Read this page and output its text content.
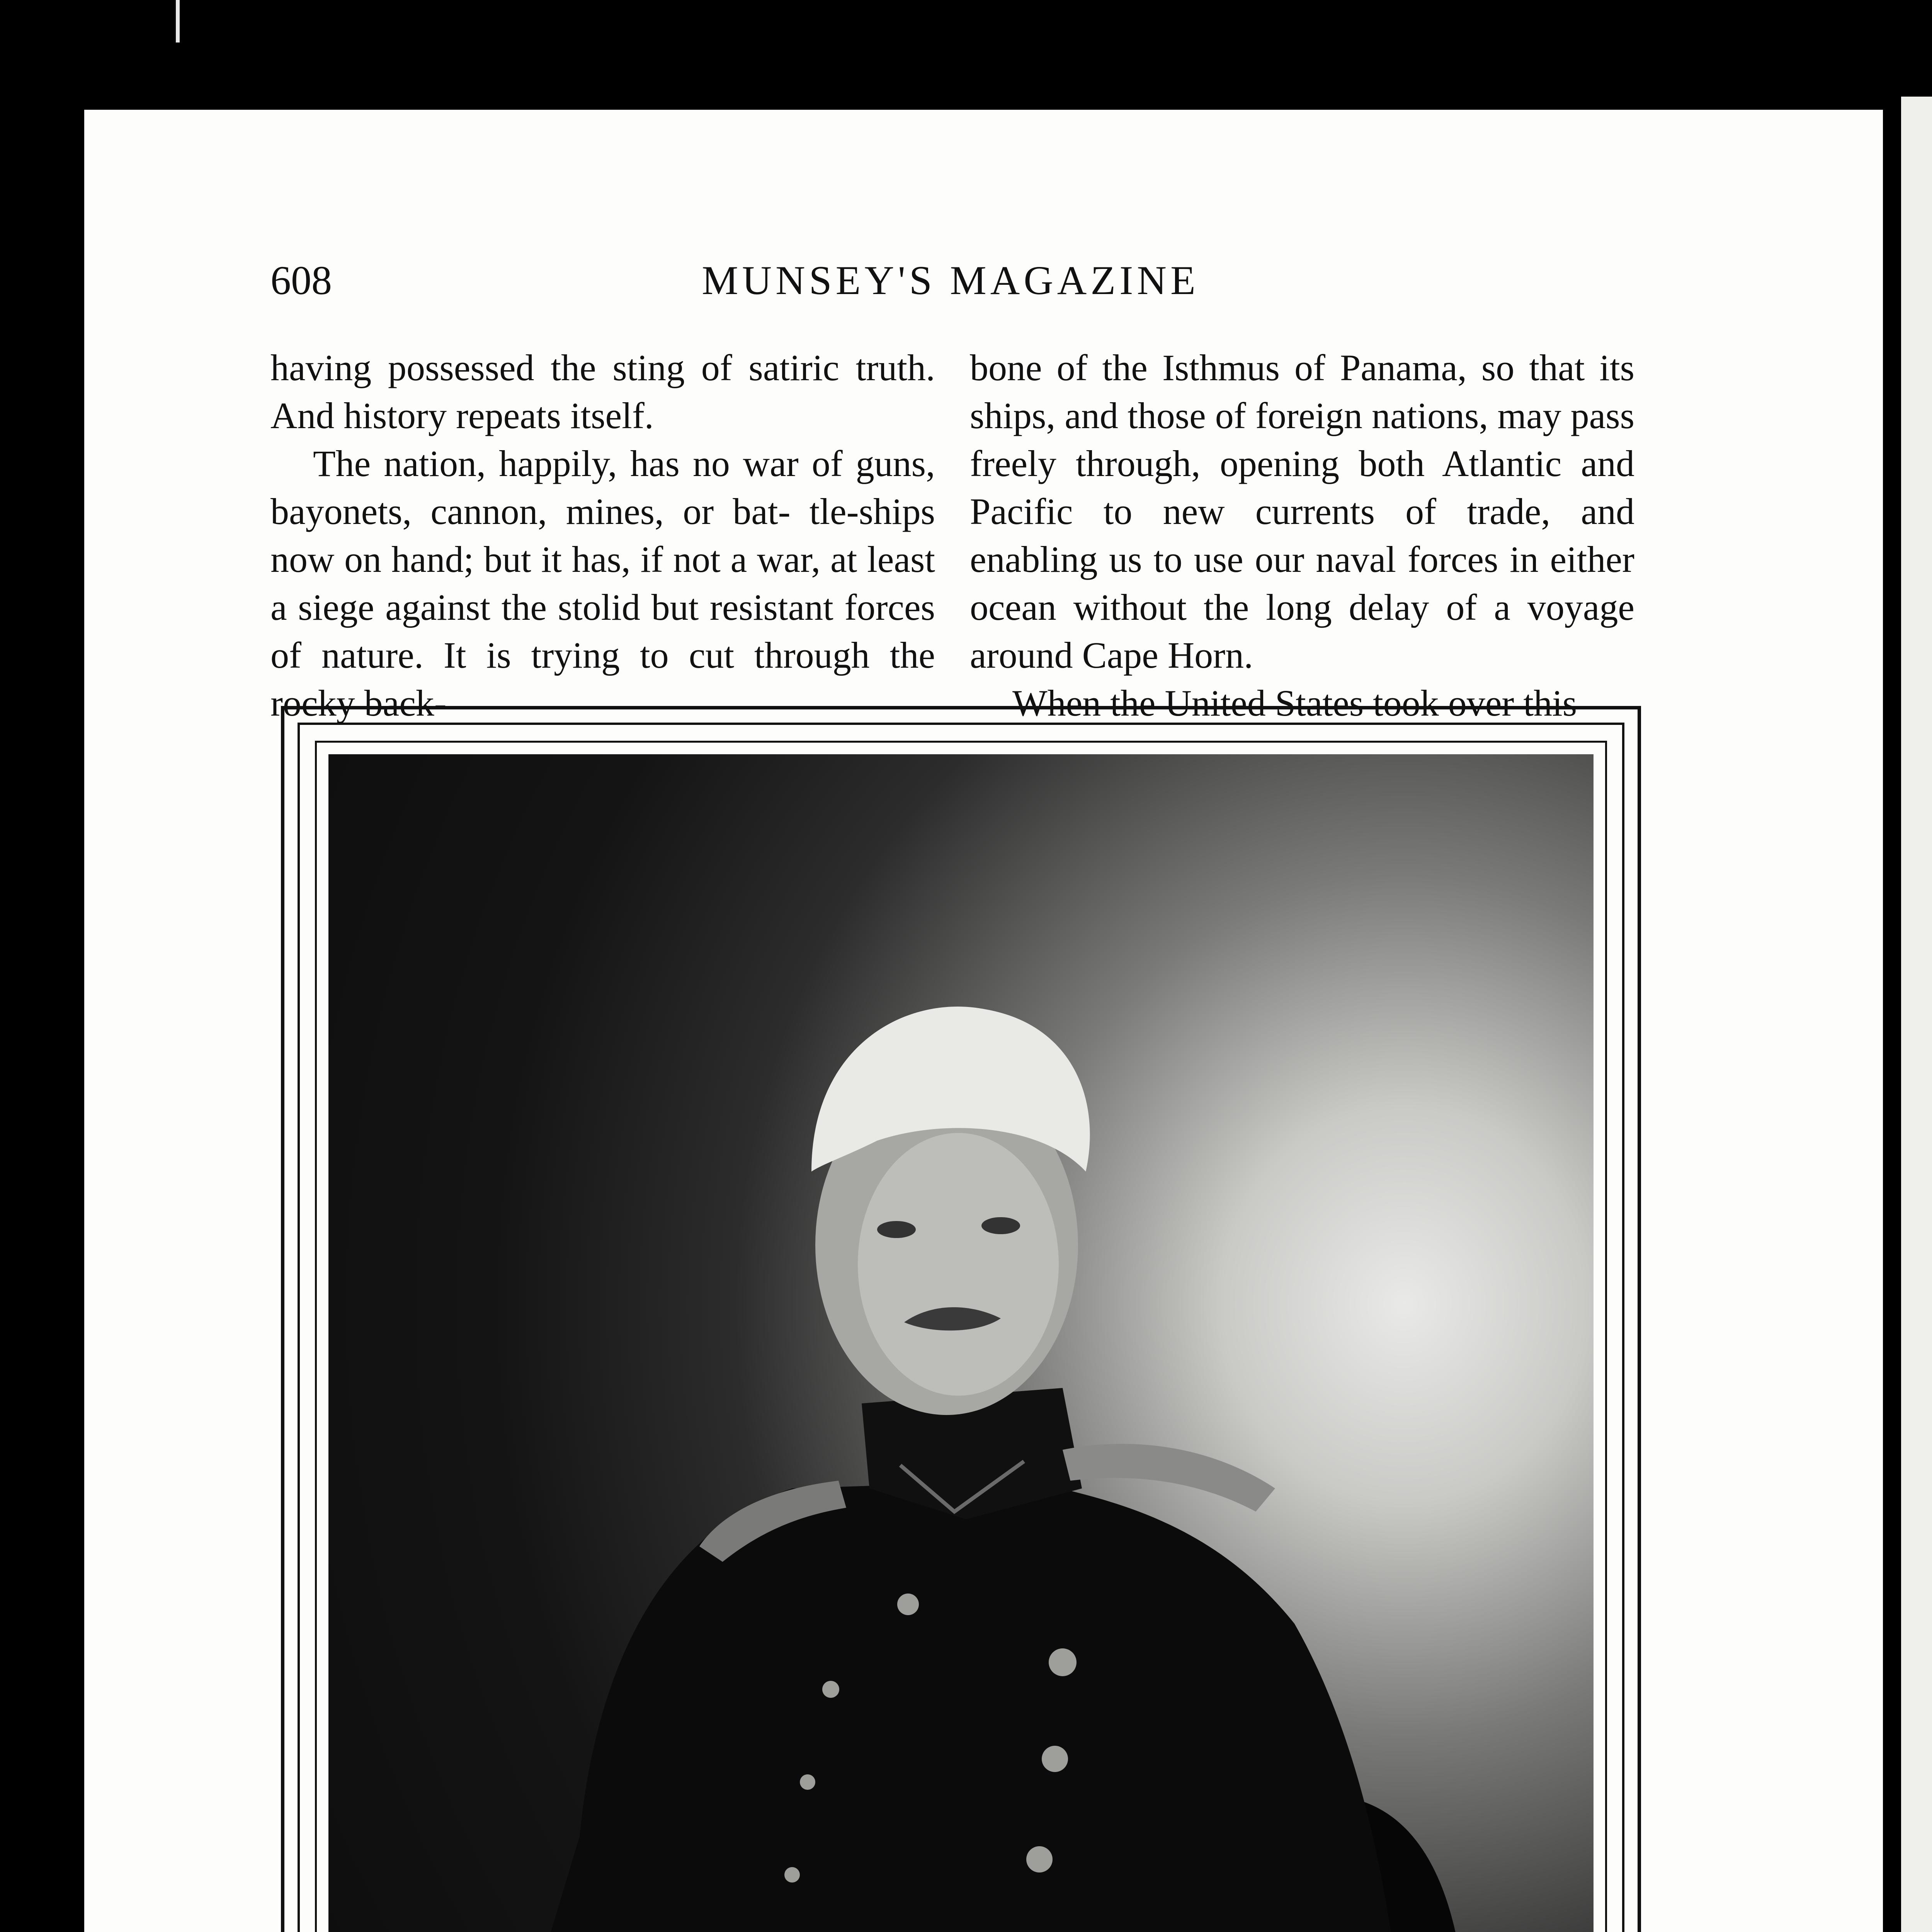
608	MUNSEY'S MAGAZINE

having possessed the sting of satiric truth. And history repeats itself.

The nation, happily, has no war of guns, bayonets, cannon, mines, or bat- tle-ships now on hand; but it has, if not a war, at least a siege against the stolid but resistant forces of nature. It is trying to cut through the rocky back-

bone of the Isthmus of Panama, so that its ships, and those of foreign nations, may pass freely through, opening both Atlantic and Pacific to new currents of trade, and enabling us to use our naval forces in either ocean without the long delay of a voyage around Cape Horn.

When the United States took over this
